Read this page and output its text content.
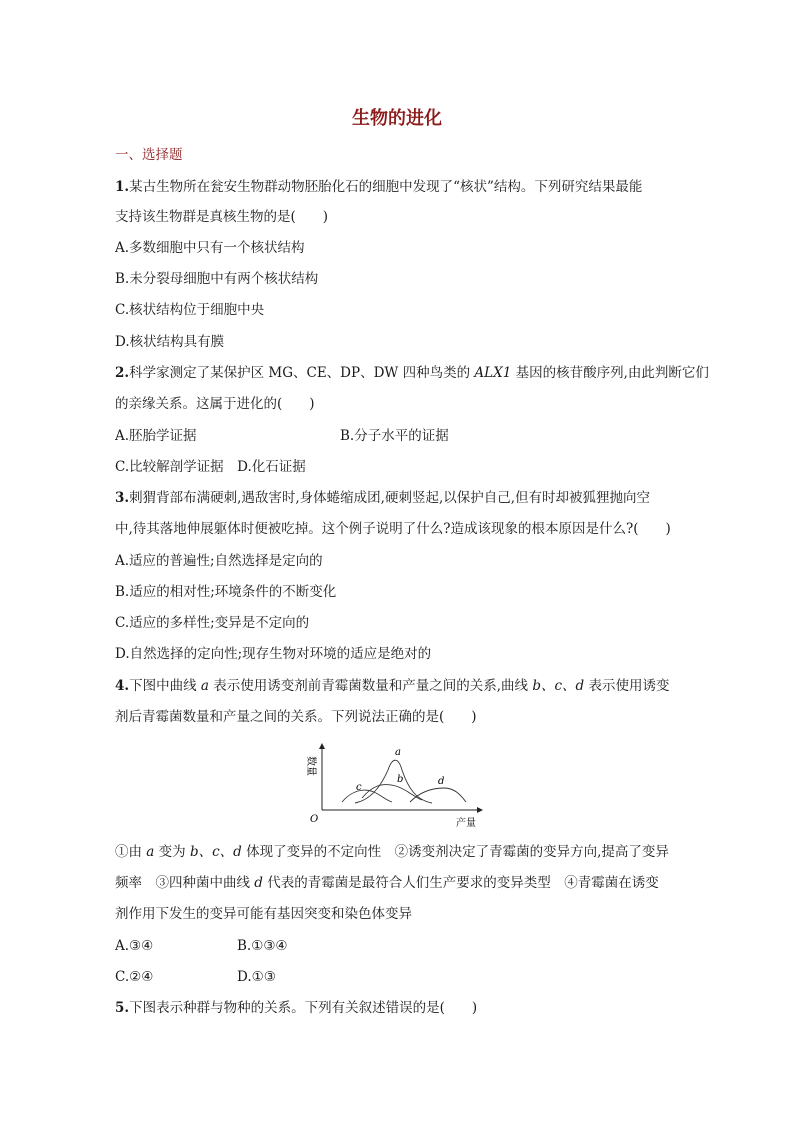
生物的进化
一、选择题
1.某古生物所在瓮安生物群动物胚胎化石的细胞中发现了“核状”结构。下列研究结果最能
支持该生物群是真核生物的是(　　)
A.多数细胞中只有一个核状结构
B.未分裂母细胞中有两个核状结构
C.核状结构位于细胞中央
D.核状结构具有膜
2.科学家测定了某保护区 MG、CE、DP、DW 四种鸟类的 ALX1 基因的核苷酸序列,由此判断它们
的亲缘关系。这属于进化的(　　)
A.胚胎学证据	B.分子水平的证据
C.比较解剖学证据　D.化石证据
3.刺猬背部布满硬刺,遇敌害时,身体蜷缩成团,硬刺竖起,以保护自己,但有时却被狐狸抛向空
中,待其落地伸展躯体时便被吃掉。这个例子说明了什么?造成该现象的根本原因是什么?(　　)
A.适应的普遍性;自然选择是定向的
B.适应的相对性;环境条件的不断变化
C.适应的多样性;变异是不定向的
D.自然选择的定向性;现存生物对环境的适应是绝对的
4.下图中曲线 a 表示使用诱变剂前青霉菌数量和产量之间的关系,曲线 b、c、d 表示使用诱变
剂后青霉菌数量和产量之间的关系。下列说法正确的是(　　)
数量
产量
O
a
b
c
d
①由 a 变为 b、c、d 体现了变异的不定向性　②诱变剂决定了青霉菌的变异方向,提高了变异
频率　③四种菌中曲线 d 代表的青霉菌是最符合人们生产要求的变异类型　④青霉菌在诱变
剂作用下发生的变异可能有基因突变和染色体变异
A.③④	B.①③④
C.②④	D.①③
5.下图表示种群与物种的关系。下列有关叙述错误的是(　　)
